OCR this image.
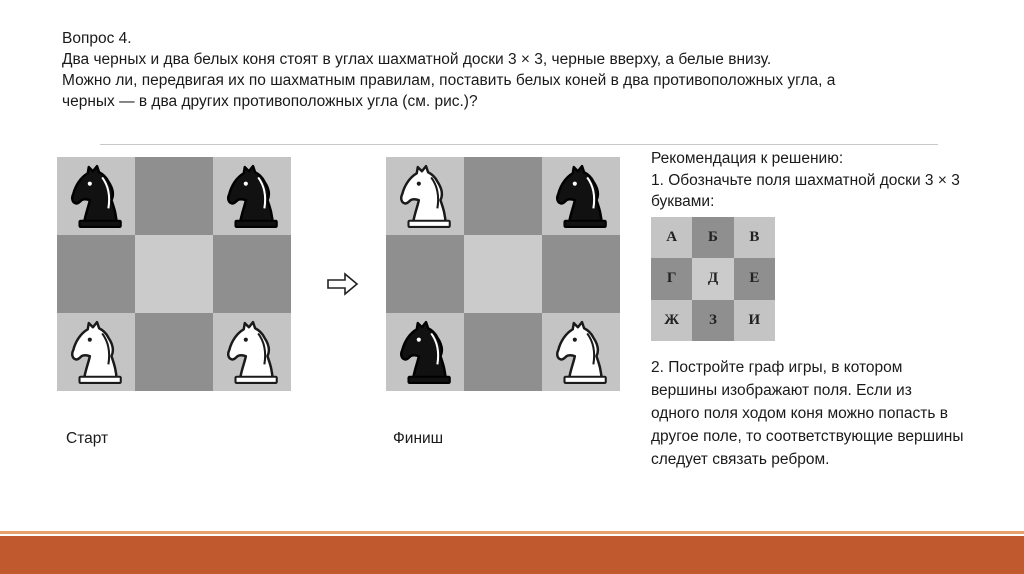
Вопрос 4.
Два черных и два белых коня стоят в углах шахматной доски 3 × 3, черные вверху, а белые внизу.
Можно ли, передвигая их по шахматным правилам, поставить белых коней в два противоположных угла, а
черных — в два других противоположных угла (см. рис.)?
Старт	Финиш
Рекомендация к решению:
1. Обозначьте поля шахматной доски 3 × 3
буквами:
А	Б	В
Г	Д	Е
Ж	З	И
2. Постройте граф игры, в котором
вершины изображают поля. Если из
одного поля ходом коня можно попасть в
другое поле, то соответствующие вершины
следует связать ребром.
